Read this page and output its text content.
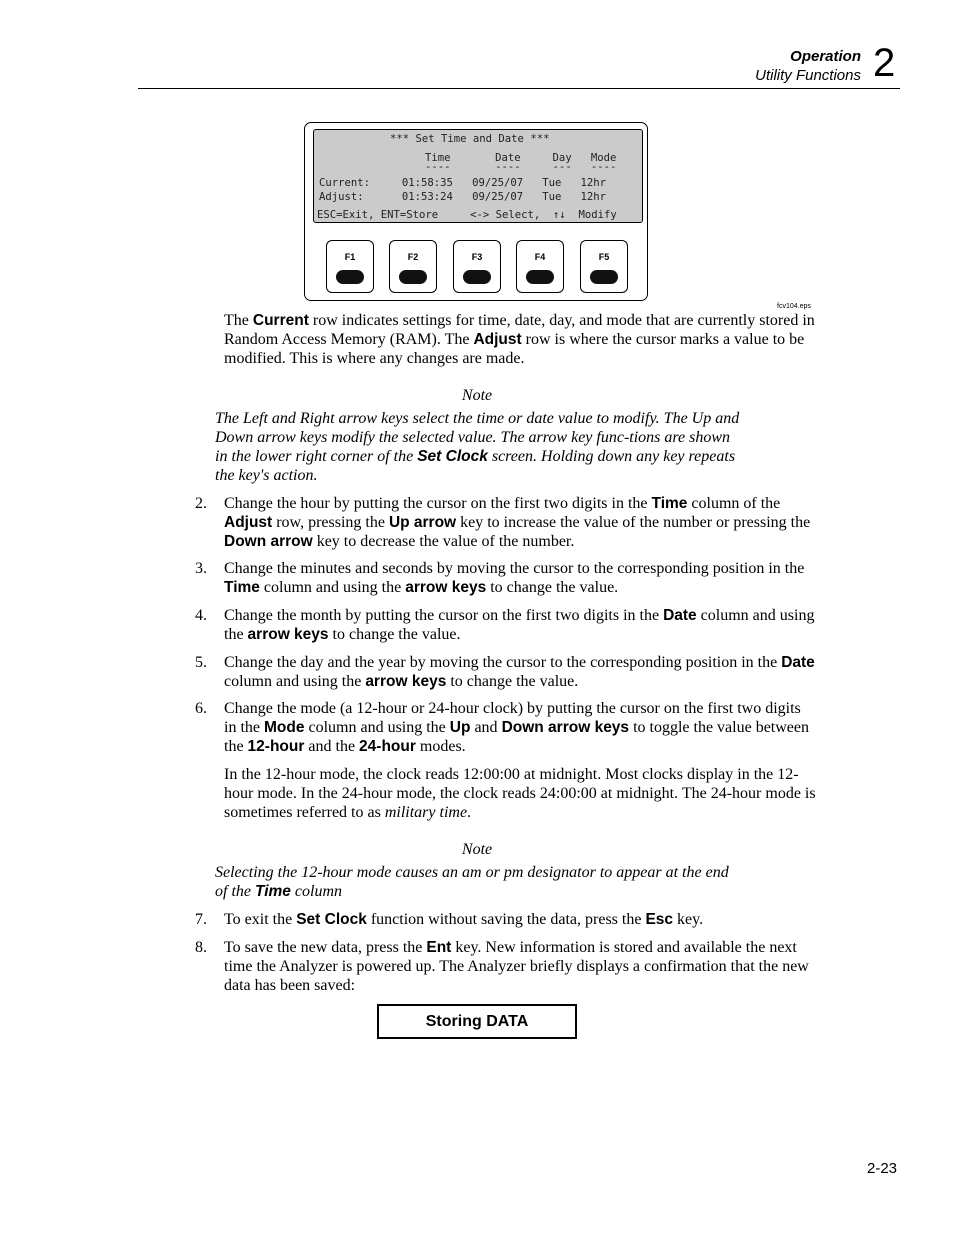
Operation
Utility Functions 2
*** Set Time and Date ***
Time       Date     Day   Mode
----       ----     ---   ----
Current:     01:58:35   09/25/07   Tue   12hr
Adjust:      01:53:24   09/25/07   Tue   12hr
ESC=Exit, ENT=Store     <-> Select,  ↑↓  Modify
F1	F2	F3	F4	F5
fcv104.eps
The Current row indicates settings for time, date, day, and mode that are currently stored in Random Access Memory (RAM). The Adjust row is where the cursor marks a value to be modified. This is where any changes are made.
Note
The Left and Right arrow keys select the time or date value to modify. The Up and Down arrow keys modify the selected value. The arrow key func-tions are shown in the lower right corner of the Set Clock screen. Holding down any key repeats the key's action.
2. Change the hour by putting the cursor on the first two digits in the Time column of the Adjust row, pressing the Up arrow key to increase the value of the number or pressing the Down arrow key to decrease the value of the number.
3. Change the minutes and seconds by moving the cursor to the corresponding position in the Time column and using the arrow keys to change the value.
4. Change the month by putting the cursor on the first two digits in the Date column and using the arrow keys to change the value.
5. Change the day and the year by moving the cursor to the corresponding position in the Date column and using the arrow keys to change the value.
6. Change the mode (a 12-hour or 24-hour clock) by putting the cursor on the first two digits in the Mode column and using the Up and Down arrow keys to toggle the value between the 12-hour and the 24-hour modes.
In the 12-hour mode, the clock reads 12:00:00 at midnight. Most clocks display in the 12-hour mode. In the 24-hour mode, the clock reads 24:00:00 at midnight. The 24-hour mode is sometimes referred to as military time.
Note
Selecting the 12-hour mode causes an am or pm designator to appear at the end of the Time column
7. To exit the Set Clock function without saving the data, press the Esc key.
8. To save the new data, press the Ent key. New information is stored and available the next time the Analyzer is powered up. The Analyzer briefly displays a confirmation that the new data has been saved:
Storing DATA
2-23
